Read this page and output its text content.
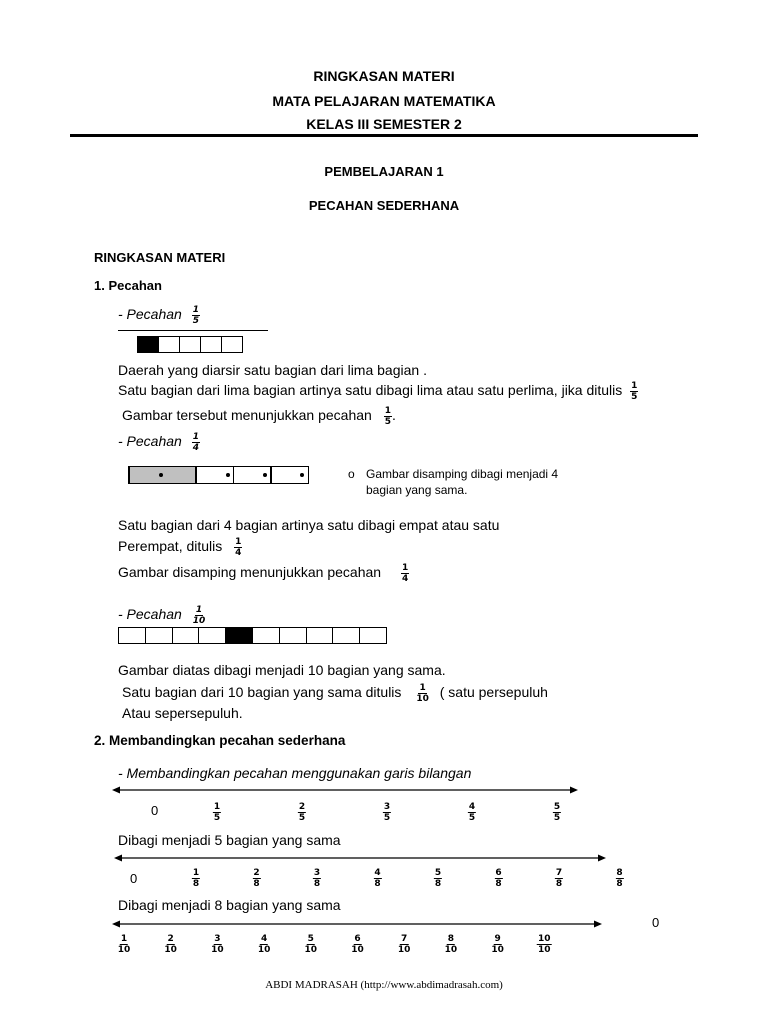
RINGKASAN MATERI
MATA PELAJARAN MATEMATIKA
KELAS III SEMESTER 2
PEMBELAJARAN 1
PECAHAN SEDERHANA
RINGKASAN MATERI
1. Pecahan
- Pecahan $\frac{1}{5}$
Daerah yang diarsir satu bagian dari lima bagian .
Satu bagian dari lima bagian artinya satu dibagi lima atau satu perlima, jika ditulis $\frac{1}{5}$
Gambar tersebut menunjukkan pecahan $\frac{1}{5}$ .
- Pecahan $\frac{1}{4}$
o Gambar disamping dibagi menjadi 4
bagian yang sama.
Satu bagian dari 4 bagian artinya satu dibagi empat atau satu
Perempat, ditulis $\frac{1}{4}$
Gambar disamping menunjukkan pecahan $\frac{1}{4}$
- Pecahan $\frac{1}{10}$
Gambar diatas dibagi menjadi 10 bagian yang sama.
Satu bagian dari 10 bagian yang sama ditulis $\frac{1}{10}$ ( satu persepuluh
Atau sepersepuluh.
2. Membandingkan pecahan sederhana
- Membandingkan pecahan menggunakan garis bilangan
0	$\frac{1}{5}$	$\frac{2}{5}$	$\frac{3}{5}$	$\frac{4}{5}$	$\frac{5}{5}$
Dibagi menjadi 5 bagian yang sama
0	$\frac{1}{8}$	$\frac{2}{8}$	$\frac{3}{8}$	$\frac{4}{8}$	$\frac{5}{8}$	$\frac{6}{8}$	$\frac{7}{8}$	$\frac{8}{8}$
Dibagi menjadi 8 bagian yang sama
0
$\frac{1}{10}$	$\frac{2}{10}$	$\frac{3}{10}$	$\frac{4}{10}$	$\frac{5}{10}$	$\frac{6}{10}$	$\frac{7}{10}$	$\frac{8}{10}$	$\frac{9}{10}$	$\frac{10}{10}$
ABDI MADRASAH (http://www.abdimadrasah.com)
